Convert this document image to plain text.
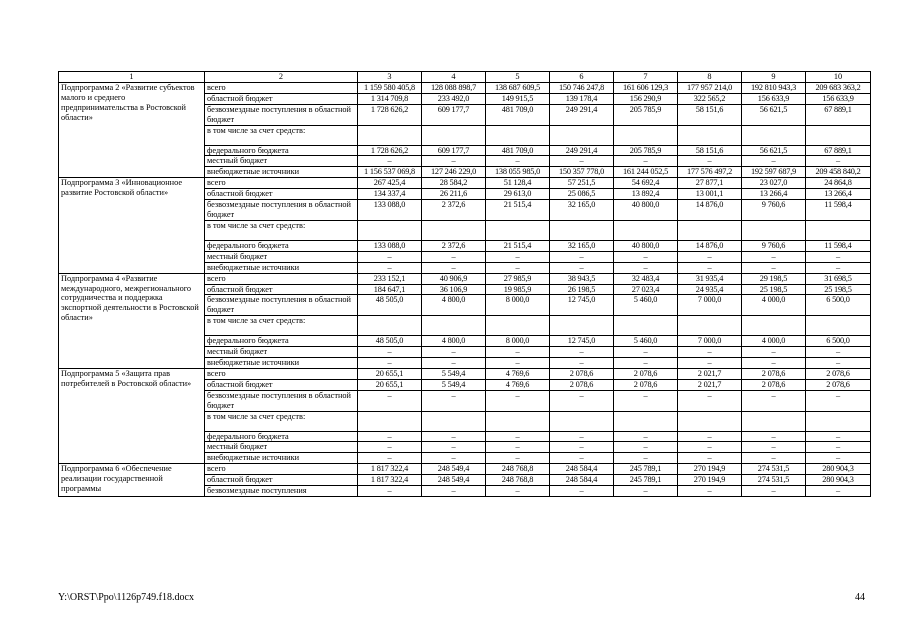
1	2	3	4	5	6	7	8	9	10
Подпрограмма 2 «Развитие субъектов малого и среднего предпринимательства в Ростовской области»	всего	1 159 580 405,8	128 088 898,7	138 687 609,5	150 746 247,8	161 606 129,3	177 957 214,0	192 810 943,3	209 683 363,2
	областной бюджет	1 314 709,8	233 492,0	149 915,5	139 178,4	156 290,9	322 565,2	156 633,9	156 633,9
	безвозмездные поступления в областной бюджет	1 728 626,2	609 177,7	481 709,0	249 291,4	205 785,9	58 151,6	56 621,5	67 889,1
	в том числе за счет средств:								
	федерального бюджета	1 728 626,2	609 177,7	481 709,0	249 291,4	205 785,9	58 151,6	56 621,5	67 889,1
	местный бюджет	–	–	–	–	–	–	–	–
	внебюджетные источники	1 156 537 069,8	127 246 229,0	138 055 985,0	150 357 778,0	161 244 052,5	177 576 497,2	192 597 687,9	209 458 840,2
Подпрограмма 3 «Инновационное развитие Ростовской области»	всего	267 425,4	28 584,2	51 128,4	57 251,5	54 692,4	27 877,1	23 027,0	24 864,8
	областной бюджет	134 337,4	26 211,6	29 613,0	25 086,5	13 892,4	13 001,1	13 266,4	13 266,4
	безвозмездные поступления в областной бюджет	133 088,0	2 372,6	21 515,4	32 165,0	40 800,0	14 876,0	9 760,6	11 598,4
	в том числе за счет средств:								
	федерального бюджета	133 088,0	2 372,6	21 515,4	32 165,0	40 800,0	14 876,0	9 760,6	11 598,4
	местный бюджет	–	–	–	–	–	–	–	–
	внебюджетные источники	–	–	–	–	–	–	–	–
Подпрограмма 4 «Развитие международного, межрегионального сотрудничества и поддержка экспортной деятельности в Ростовской области»	всего	233 152,1	40 906,9	27 985,9	38 943,5	32 483,4	31 935,4	29 198,5	31 698,5
	областной бюджет	184 647,1	36 106,9	19 985,9	26 198,5	27 023,4	24 935,4	25 198,5	25 198,5
	безвозмездные поступления в областной бюджет	48 505,0	4 800,0	8 000,0	12 745,0	5 460,0	7 000,0	4 000,0	6 500,0
	в том числе за счет средств:								
	федерального бюджета	48 505,0	4 800,0	8 000,0	12 745,0	5 460,0	7 000,0	4 000,0	6 500,0
	местный бюджет	–	–	–	–	–	–	–	–
	внебюджетные источники	–	–	–	–	–	–	–	–
Подпрограмма 5 «Защита прав потребителей в Ростовской области»	всего	20 655,1	5 549,4	4 769,6	2 078,6	2 078,6	2 021,7	2 078,6	2 078,6
	областной бюджет	20 655,1	5 549,4	4 769,6	2 078,6	2 078,6	2 021,7	2 078,6	2 078,6
	безвозмездные поступления в областной бюджет	–	–	–	–	–	–	–	–
	в том числе за счет средств:								
	федерального бюджета	–	–	–	–	–	–	–	–
	местный бюджет	–	–	–	–	–	–	–	–
	внебюджетные источники	–	–	–	–	–	–	–	–
Подпрограмма 6 «Обеспечение реализации государственной программы	всего	1 817 322,4	248 549,4	248 768,8	248 584,4	245 789,1	270 194,9	274 531,5	280 904,3
	областной бюджет	1 817 322,4	248 549,4	248 768,8	248 584,4	245 789,1	270 194,9	274 531,5	280 904,3
	безвозмездные поступления	–	–	–	–	–	–	–	–
Y:\ORST\Ppo\1126p749.f18.docx	44
